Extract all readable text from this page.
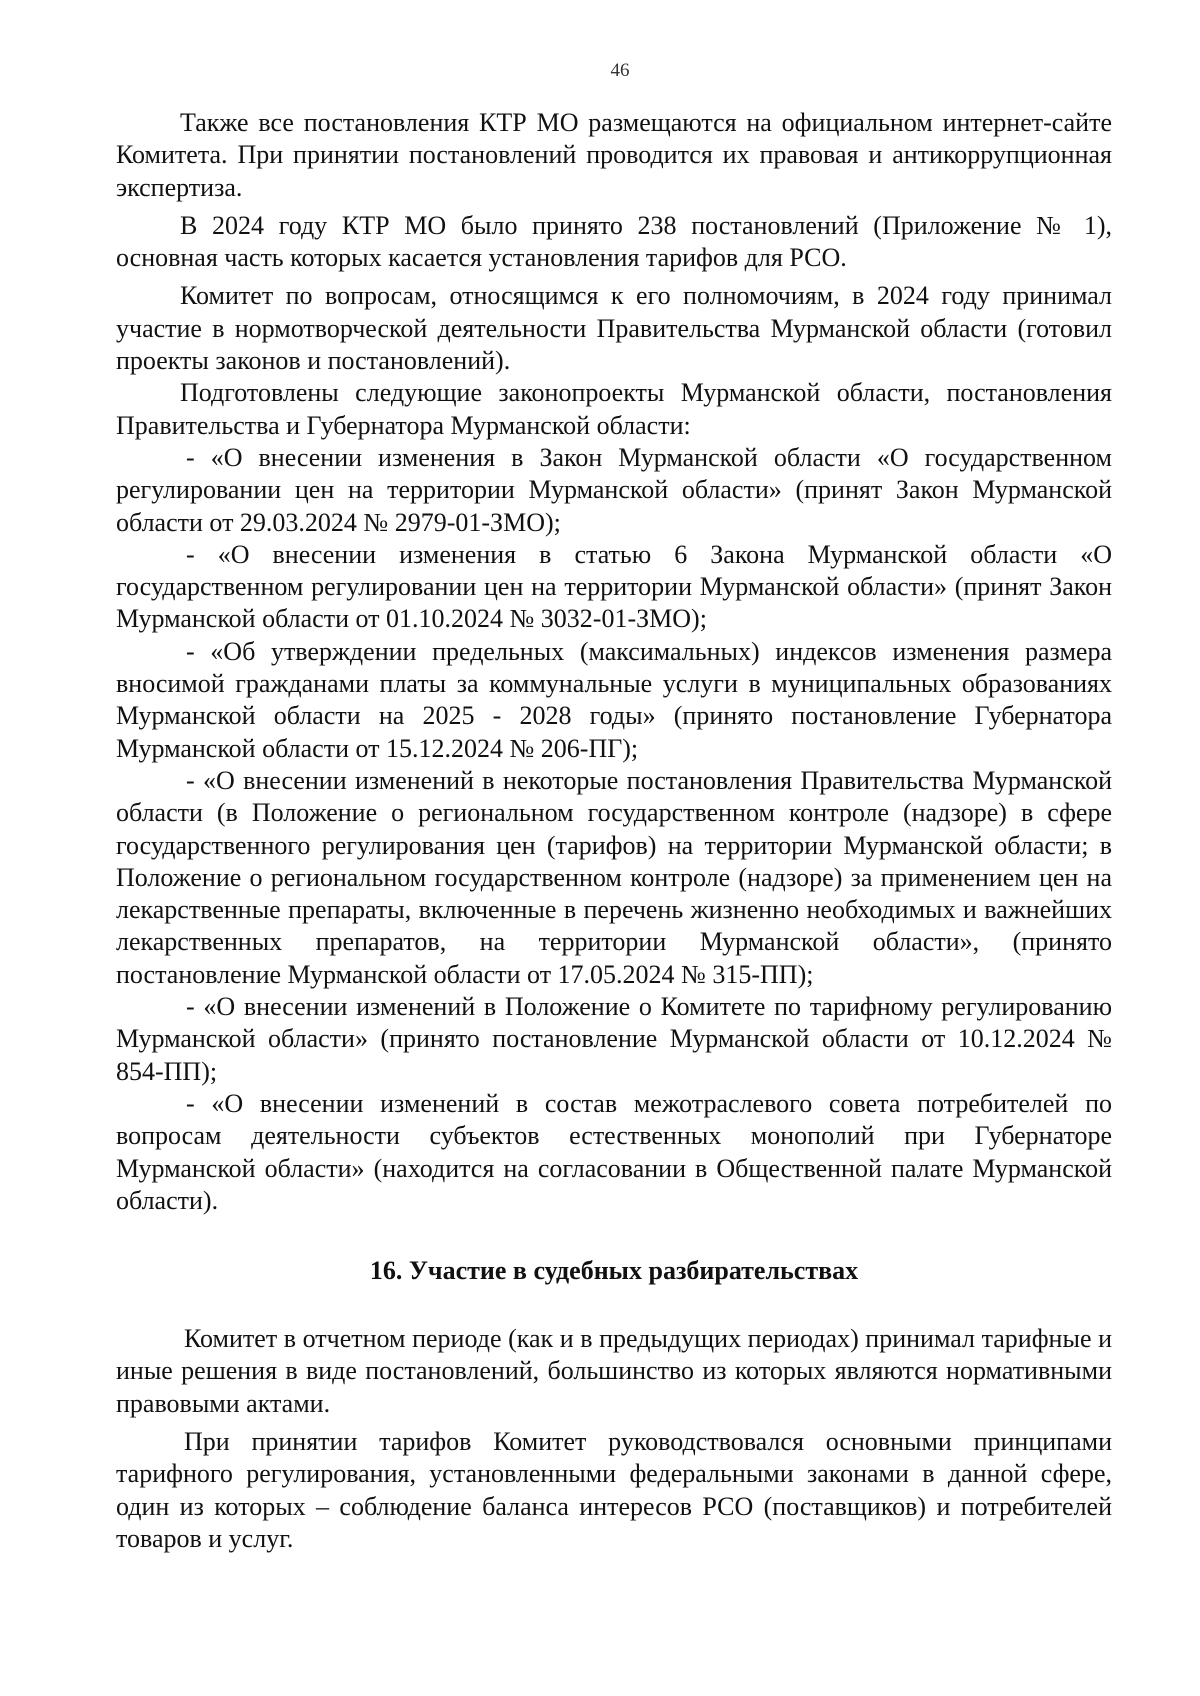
46

Также все постановления КТР МО размещаются на официальном интернет-сайте Комитета. При принятии постановлений проводится их правовая и антикоррупционная экспертиза.

В 2024 году КТР МО было принято 238 постановлений (Приложение № 1), основная часть которых касается установления тарифов для РСО.

Комитет по вопросам, относящимся к его полномочиям, в 2024 году принимал участие в нормотворческой деятельности Правительства Мурманской области (готовил проекты законов и постановлений).

Подготовлены следующие законопроекты Мурманской области, постановления Правительства и Губернатора Мурманской области:

- «О внесении изменения в Закон Мурманской области «О государственном регулировании цен на территории Мурманской области» (принят Закон Мурманской области от 29.03.2024 № 2979-01-ЗМО);

- «О внесении изменения в статью 6 Закона Мурманской области «О государственном регулировании цен на территории Мурманской области» (принят Закон Мурманской области от 01.10.2024 № 3032-01-ЗМО);

- «Об утверждении предельных (максимальных) индексов изменения размера вносимой гражданами платы за коммунальные услуги в муниципальных образованиях Мурманской области на 2025 - 2028 годы» (принято постановление Губернатора Мурманской области от 15.12.2024 № 206-ПГ);

- «О внесении изменений в некоторые постановления Правительства Мурманской области (в Положение о региональном государственном контроле (надзоре) в сфере государственного регулирования цен (тарифов) на территории Мурманской области; в Положение о региональном государственном контроле (надзоре) за применением цен на лекарственные препараты, включенные в перечень жизненно необходимых и важнейших лекарственных препаратов, на территории Мурманской области», (принято постановление Мурманской области от 17.05.2024 № 315-ПП);

- «О внесении изменений в Положение о Комитете по тарифному регулированию Мурманской области» (принято постановление Мурманской области от 10.12.2024 № 854-ПП);

- «О внесении изменений в состав межотраслевого совета потребителей по вопросам деятельности субъектов естественных монополий при Губернаторе Мурманской области» (находится на согласовании в Общественной палате Мурманской области).

16. Участие в судебных разбирательствах

Комитет в отчетном периоде (как и в предыдущих периодах) принимал тарифные и иные решения в виде постановлений, большинство из которых являются нормативными правовыми актами.

При принятии тарифов Комитет руководствовался основными принципами тарифного регулирования, установленными федеральными законами в данной сфере, один из которых – соблюдение баланса интересов РСО (поставщиков) и потребителей товаров и услуг.
